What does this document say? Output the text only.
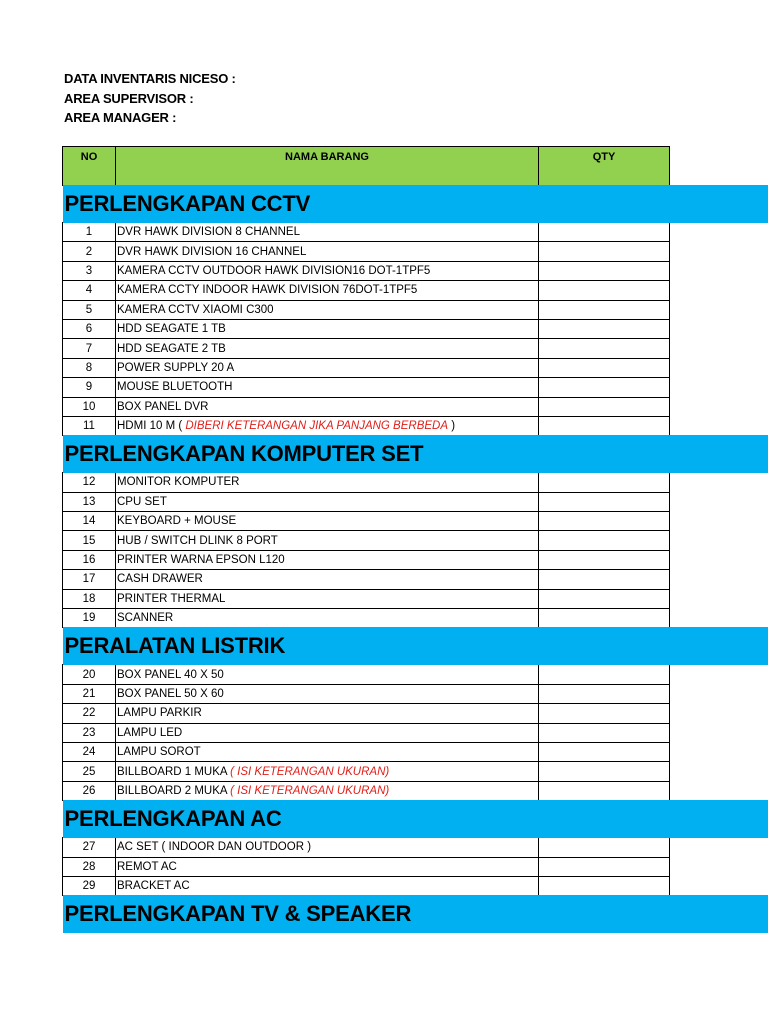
DATA INVENTARIS NICESO :
AREA SUPERVISOR :
AREA MANAGER :
NO	NAMA BARANG	QTY

PERLENGKAPAN CCTV		
1	DVR HAWK DIVISION 8 CHANNEL	
2	DVR HAWK DIVISION 16 CHANNEL	
3	KAMERA CCTV OUTDOOR HAWK DIVISION16 DOT-1TPF5	
4	KAMERA CCTY INDOOR HAWK DIVISION 76DOT-1TPF5	
5	KAMERA CCTV XIAOMI C300	
6	HDD SEAGATE 1 TB	
7	HDD SEAGATE 2 TB	
8	POWER SUPPLY 20 A	
9	MOUSE BLUETOOTH	
10	BOX PANEL DVR	
11	HDMI 10 M ( DIBERI KETERANGAN JIKA PANJANG BERBEDA )	

PERLENGKAPAN KOMPUTER SET		
12	MONITOR KOMPUTER	
13	CPU SET	
14	KEYBOARD + MOUSE	
15	HUB / SWITCH DLINK 8 PORT	
16	PRINTER WARNA EPSON L120	
17	CASH DRAWER	
18	PRINTER THERMAL	
19	SCANNER	

PERALATAN LISTRIK		
20	BOX PANEL 40 X 50	
21	BOX PANEL 50 X 60	
22	LAMPU PARKIR	
23	LAMPU LED	
24	LAMPU SOROT	
25	BILLBOARD 1 MUKA ( ISI KETERANGAN UKURAN)	
26	BILLBOARD 2 MUKA ( ISI KETERANGAN UKURAN)	

PERLENGKAPAN AC		
27	AC SET ( INDOOR DAN OUTDOOR )	
28	REMOT AC	
29	BRACKET AC	

PERLENGKAPAN TV & SPEAKER		
